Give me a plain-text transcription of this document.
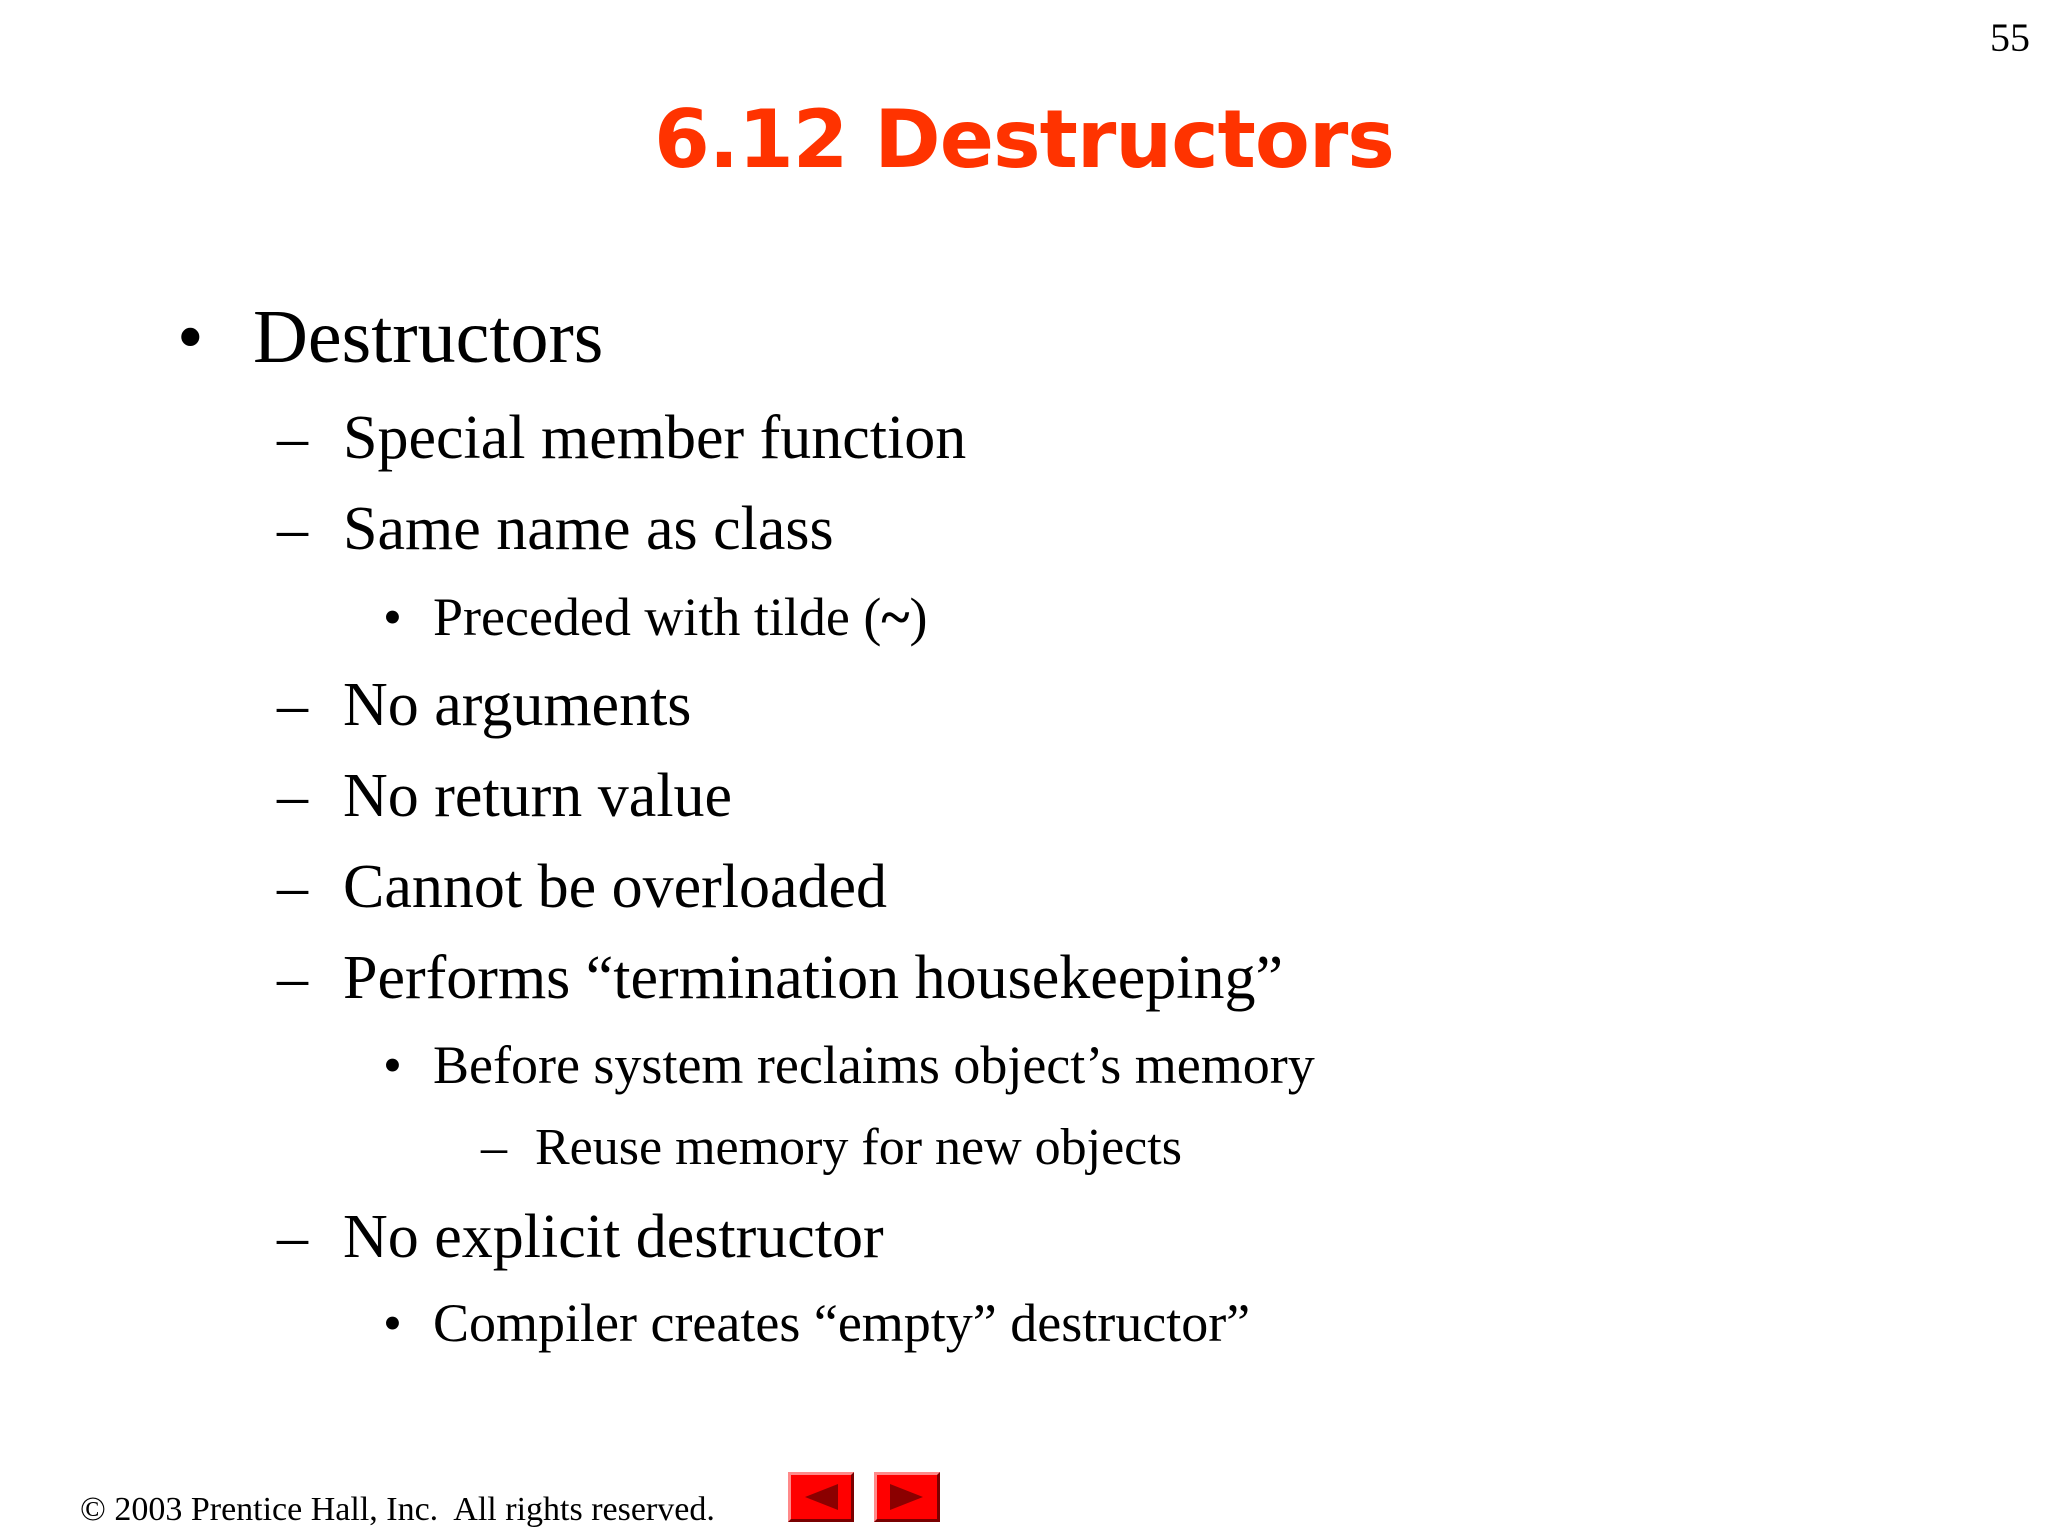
55
6.12 Destructors
• Destructors
– Special member function
– Same name as class
• Preceded with tilde (~)
– No arguments
– No return value
– Cannot be overloaded
– Performs “termination housekeeping”
• Before system reclaims object’s memory
– Reuse memory for new objects
– No explicit destructor
• Compiler creates “empty” destructor”
© 2003 Prentice Hall, Inc.  All rights reserved.
